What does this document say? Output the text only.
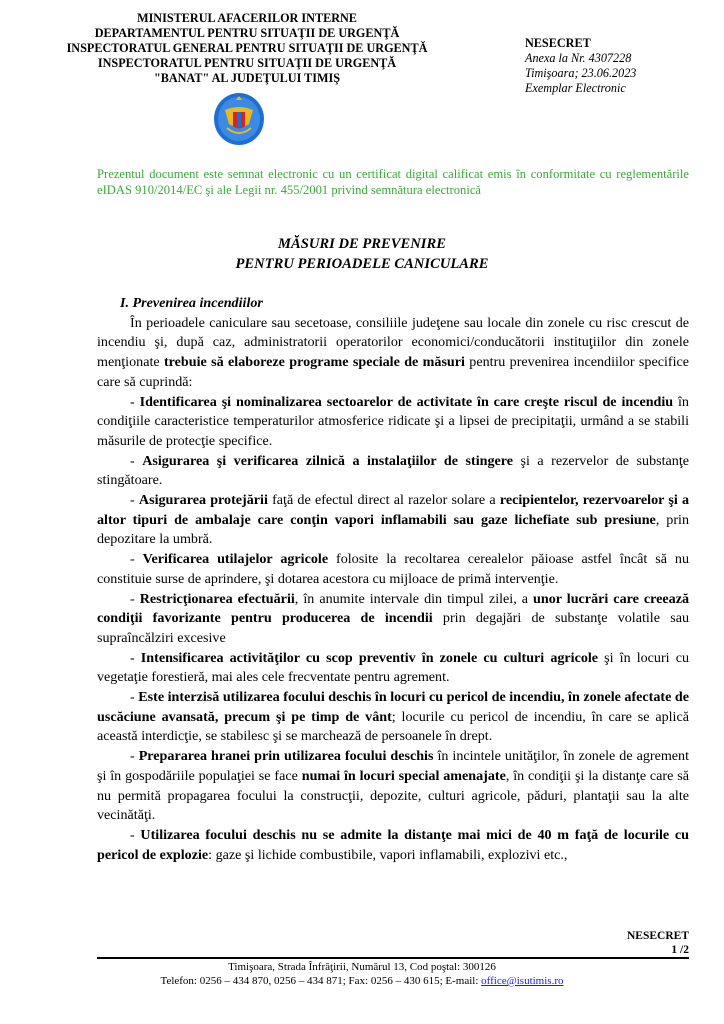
MINISTERUL AFACERILOR INTERNE
DEPARTAMENTUL PENTRU SITUAŢII DE URGENŢĂ
INSPECTORATUL GENERAL PENTRU SITUAŢII DE URGENŢĂ
INSPECTORATUL PENTRU SITUAŢII DE URGENŢĂ
"BANAT" AL JUDEŢULUI TIMIŞ
NESECRET
Anexa la Nr. 4307228
Timişoara; 23.06.2023
Exemplar Electronic
Prezentul document este semnat electronic cu un certificat digital calificat emis în conformitate cu reglementările eIDAS 910/2014/EC şi ale Legii nr. 455/2001 privind semnătura electronică
MĂSURI DE PREVENIRE
PENTRU PERIOADELE CANICULARE

I. Prevenirea incendiilor

În perioadele caniculare sau secetoase, consiliile judeţene sau locale din zonele cu risc crescut de incendiu şi, după caz, administratorii operatorilor economici/conducătorii instituţiilor din zonele menţionate trebuie să elaboreze programe speciale de măsuri pentru prevenirea incendiilor specifice care să cuprindă:

- Identificarea şi nominalizarea sectoarelor de activitate în care creşte riscul de incendiu în condiţiile caracteristice temperaturilor atmosferice ridicate şi a lipsei de precipitaţii, urmând a se stabili măsurile de protecţie specifice.

- Asigurarea şi verificarea zilnică a instalaţiilor de stingere şi a rezervelor de substanţe stingătoare.

- Asigurarea protejării faţă de efectul direct al razelor solare a recipientelor, rezervoarelor şi a altor tipuri de ambalaje care conţin vapori inflamabili sau gaze lichefiate sub presiune, prin depozitare la umbră.

- Verificarea utilajelor agricole folosite la recoltarea cerealelor păioase astfel încât să nu constituie surse de aprindere, şi dotarea acestora cu mijloace de primă intervenţie.

- Restricţionarea efectuării, în anumite intervale din timpul zilei, a unor lucrări care creează condiţii favorizante pentru producerea de incendii prin degajări de substanţe volatile sau supraîncălziri excesive

- Intensificarea activităţilor cu scop preventiv în zonele cu culturi agricole şi în locuri cu vegetaţie forestieră, mai ales cele frecventate pentru agrement.

- Este interzisă utilizarea focului deschis în locuri cu pericol de incendiu, în zonele afectate de uscăciune avansată, precum şi pe timp de vânt; locurile cu pericol de incendiu, în care se aplică această interdicţie, se stabilesc şi se marchează de persoanele în drept.

- Prepararea hranei prin utilizarea focului deschis în incintele unităţilor, în zonele de agrement şi în gospodăriile populaţiei se face numai în locuri special amenajate, în condiţii şi la distanţe care să nu permită propagarea focului la construcţii, depozite, culturi agricole, păduri, plantaţii sau la alte vecinătăţi.

- Utilizarea focului deschis nu se admite la distanţe mai mici de 40 m faţă de locurile cu pericol de explozie: gaze şi lichide combustibile, vapori inflamabili, explozivi etc.,

NESECRET
1 /2
Timişoara, Strada Înfrăţirii, Numărul 13, Cod poştal: 300126
Telefon: 0256 – 434 870, 0256 – 434 871; Fax: 0256 – 430 615; E-mail: office@isutimis.ro
